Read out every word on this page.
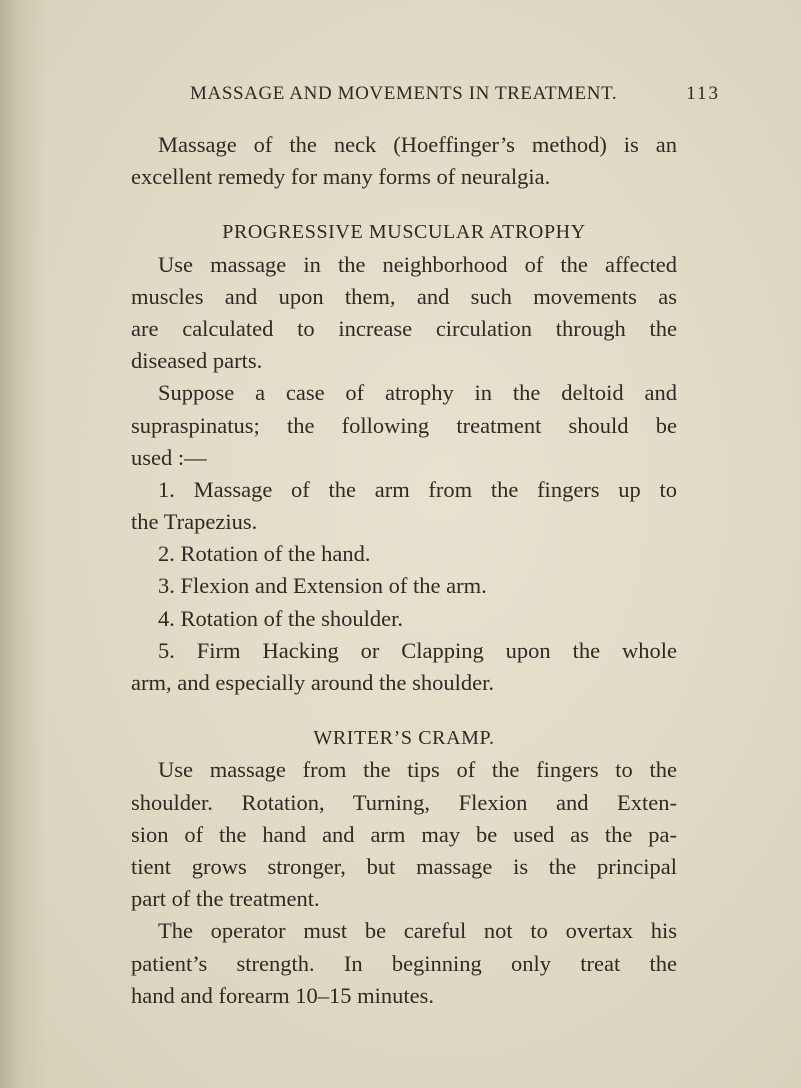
MASSAGE AND MOVEMENTS IN TREATMENT.	113
Massage of the neck (Hoeffinger’s method) is an
excellent remedy for many forms of neuralgia.
PROGRESSIVE MUSCULAR ATROPHY
Use massage in the neighborhood of the affected
muscles and upon them, and such movements as
are calculated to increase circulation through the
diseased parts.
Suppose a case of atrophy in the deltoid and
supraspinatus; the following treatment should be
used :—
1. Massage of the arm from the fingers up to
the Trapezius.
2. Rotation of the hand.
3. Flexion and Extension of the arm.
4. Rotation of the shoulder.
5. Firm Hacking or Clapping upon the whole
arm, and especially around the shoulder.
WRITER’S CRAMP.
Use massage from the tips of the fingers to the
shoulder. Rotation, Turning, Flexion and Exten-
sion of the hand and arm may be used as the pa-
tient grows stronger, but massage is the principal
part of the treatment.
The operator must be careful not to overtax his
patient’s strength. In beginning only treat the
hand and forearm 10–15 minutes.
